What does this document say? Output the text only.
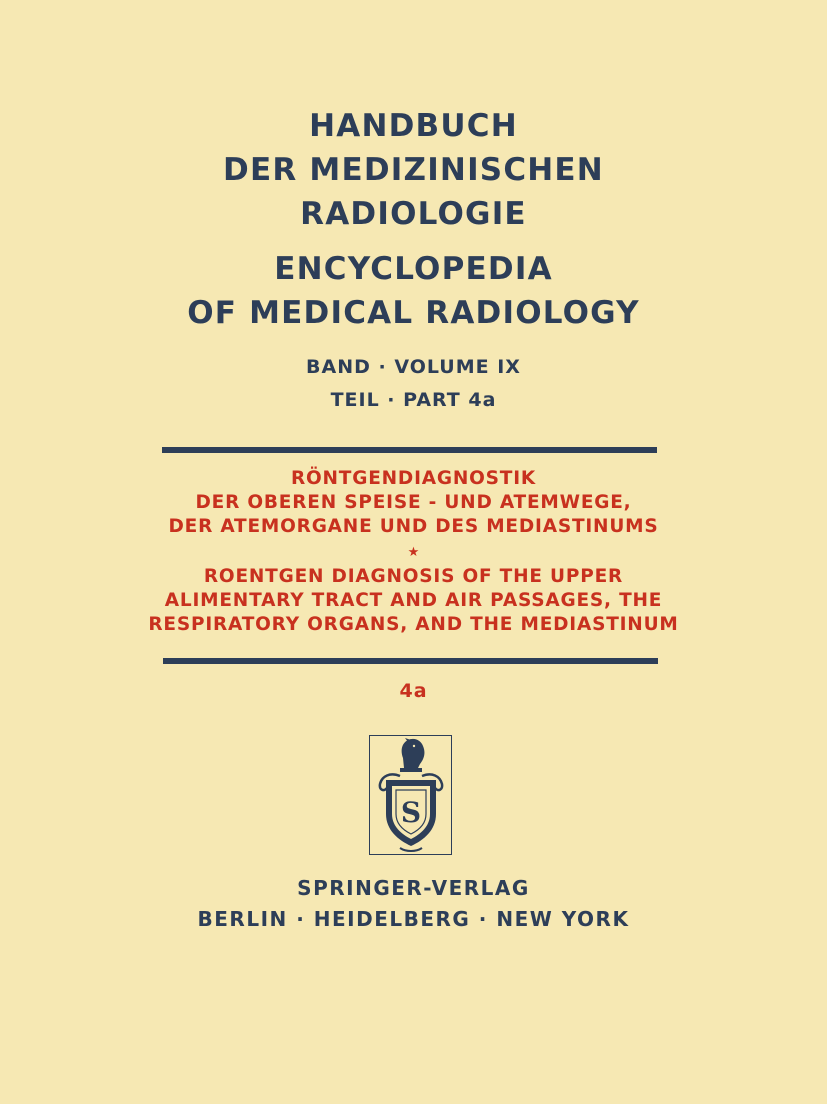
HANDBUCH
DER MEDIZINISCHEN
RADIOLOGIE
ENCYCLOPEDIA
OF MEDICAL RADIOLOGY
BAND · VOLUME IX
TEIL · PART 4a
RÖNTGENDIAGNOSTIK
DER OBEREN SPEISE - UND ATEMWEGE,
DER ATEMORGANE UND DES MEDIASTINUMS
★
ROENTGEN DIAGNOSIS OF THE UPPER
ALIMENTARY TRACT AND AIR PASSAGES, THE
RESPIRATORY ORGANS, AND THE MEDIASTINUM
4a
S
SPRINGER-VERLAG
BERLIN · HEIDELBERG · NEW YORK
